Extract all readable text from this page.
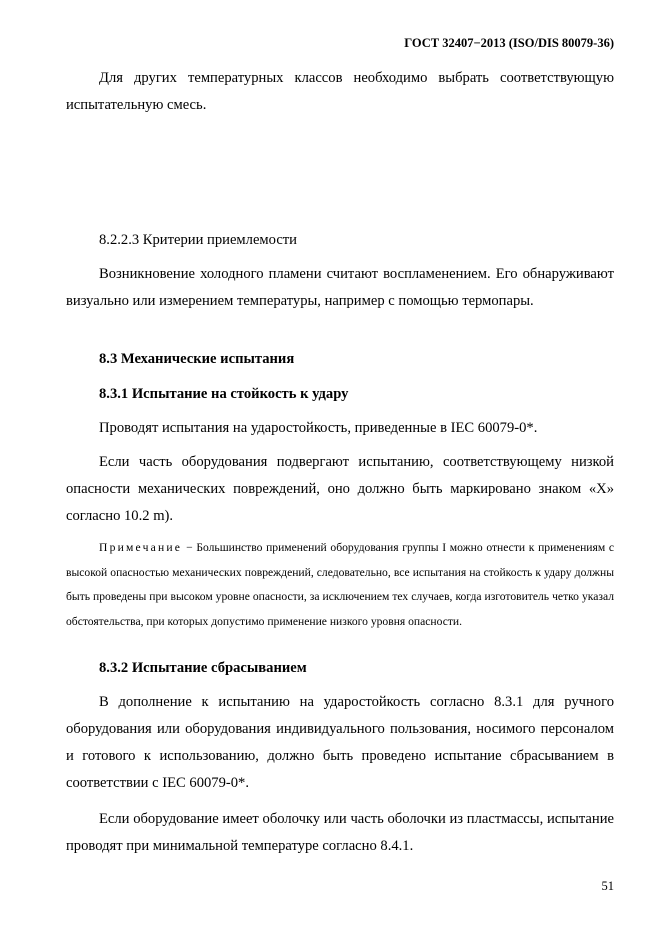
ГОСТ 32407−2013 (ISO/DIS 80079-36)

Для других температурных классов необходимо выбрать соответствующую испытательную смесь.

8.2.2.3 Критерии приемлемости

Возникновение холодного пламени считают воспламенением. Его обнаруживают визуально или измерением температуры, например с помощью термопары.

8.3 Механические испытания

8.3.1 Испытание на стойкость к удару

Проводят испытания на ударостойкость, приведенные в IEC 60079-0*.

Если часть оборудования подвергают испытанию, соответствующему низкой опасности механических повреждений, оно должно быть маркировано знаком «X» согласно 10.2 m).

Примечание − Большинство применений оборудования группы I можно отнести к применениям с высокой опасностью механических повреждений, следовательно, все испытания на стойкость к удару должны быть проведены при высоком уровне опасности, за исключением тех случаев, когда изготовитель четко указал обстоятельства, при которых допустимо применение низкого уровня опасности.

8.3.2 Испытание сбрасыванием

В дополнение к испытанию на ударостойкость согласно 8.3.1 для ручного оборудования или оборудования индивидуального пользования, носимого персоналом и готового к использованию, должно быть проведено испытание сбрасыванием в соответствии с IEC 60079-0*.

Если оборудование имеет оболочку или часть оболочки из пластмассы, испытание проводят при минимальной температуре согласно 8.4.1.

51
